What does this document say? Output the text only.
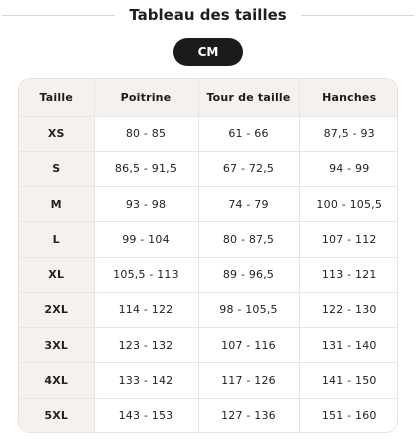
Tableau des tailles
CM
Taille	Poitrine	Tour de taille	Hanches
XS	80 - 85	61 - 66	87,5 - 93
S	86,5 - 91,5	67 - 72,5	94 - 99
M	93 - 98	74 - 79	100 - 105,5
L	99 - 104	80 - 87,5	107 - 112
XL	105,5 - 113	89 - 96,5	113 - 121
2XL	114 - 122	98 - 105,5	122 - 130
3XL	123 - 132	107 - 116	131 - 140
4XL	133 - 142	117 - 126	141 - 150
5XL	143 - 153	127 - 136	151 - 160
